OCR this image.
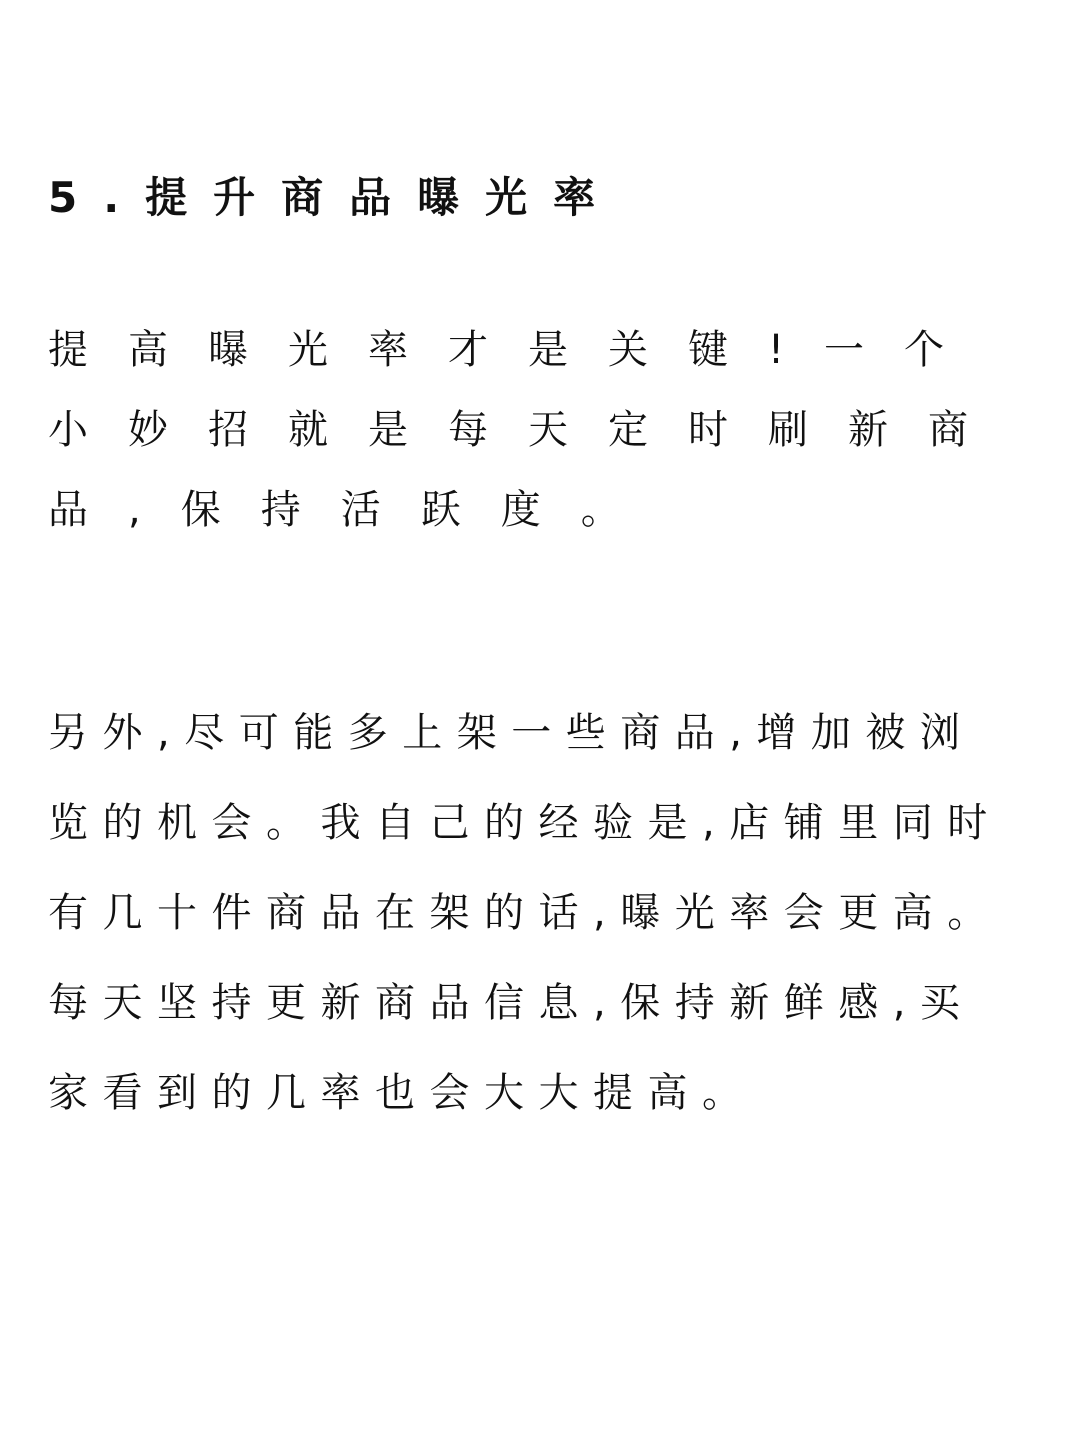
5.提升商品曝光率
提高曝光率才是关键!一个
小妙招就是每天定时刷新商
品,保持活跃度。
另外,尽可能多上架一些商品,增加被浏
览的机会。我自己的经验是,店铺里同时
有几十件商品在架的话,曝光率会更高。
每天坚持更新商品信息,保持新鲜感,买
家看到的几率也会大大提高。
